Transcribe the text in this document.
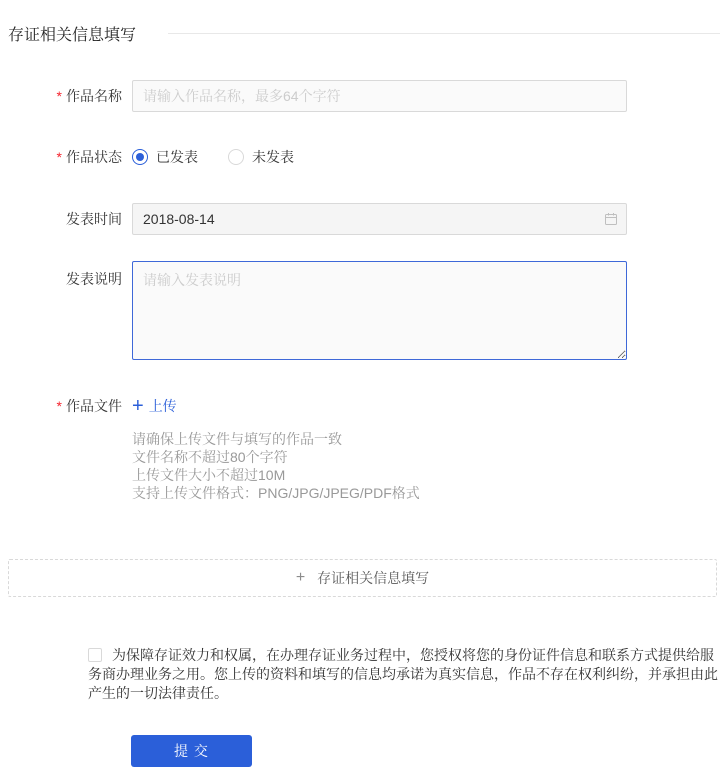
存证相关信息填写
* 作品名称
请输入作品名称，最多64个字符
* 作品状态 已发表	未发表
发表时间
2018-08-14
发表说明
请输入发表说明
* 作品文件 + 上传
请确保上传文件与填写的作品一致
文件名称不超过80个字符
上传文件大小不超过10M
支持上传文件格式：PNG/JPG/JPEG/PDF格式
+ 存证相关信息填写
为保障存证效力和权属，在办理存证业务过程中，您授权将您的身份证件信息和联系方式提供给服务商办理业务之用。您上传的资料和填写的信息均承诺为真实信息，作品不存在权利纠纷，并承担由此产生的一切法律责任。
提 交
